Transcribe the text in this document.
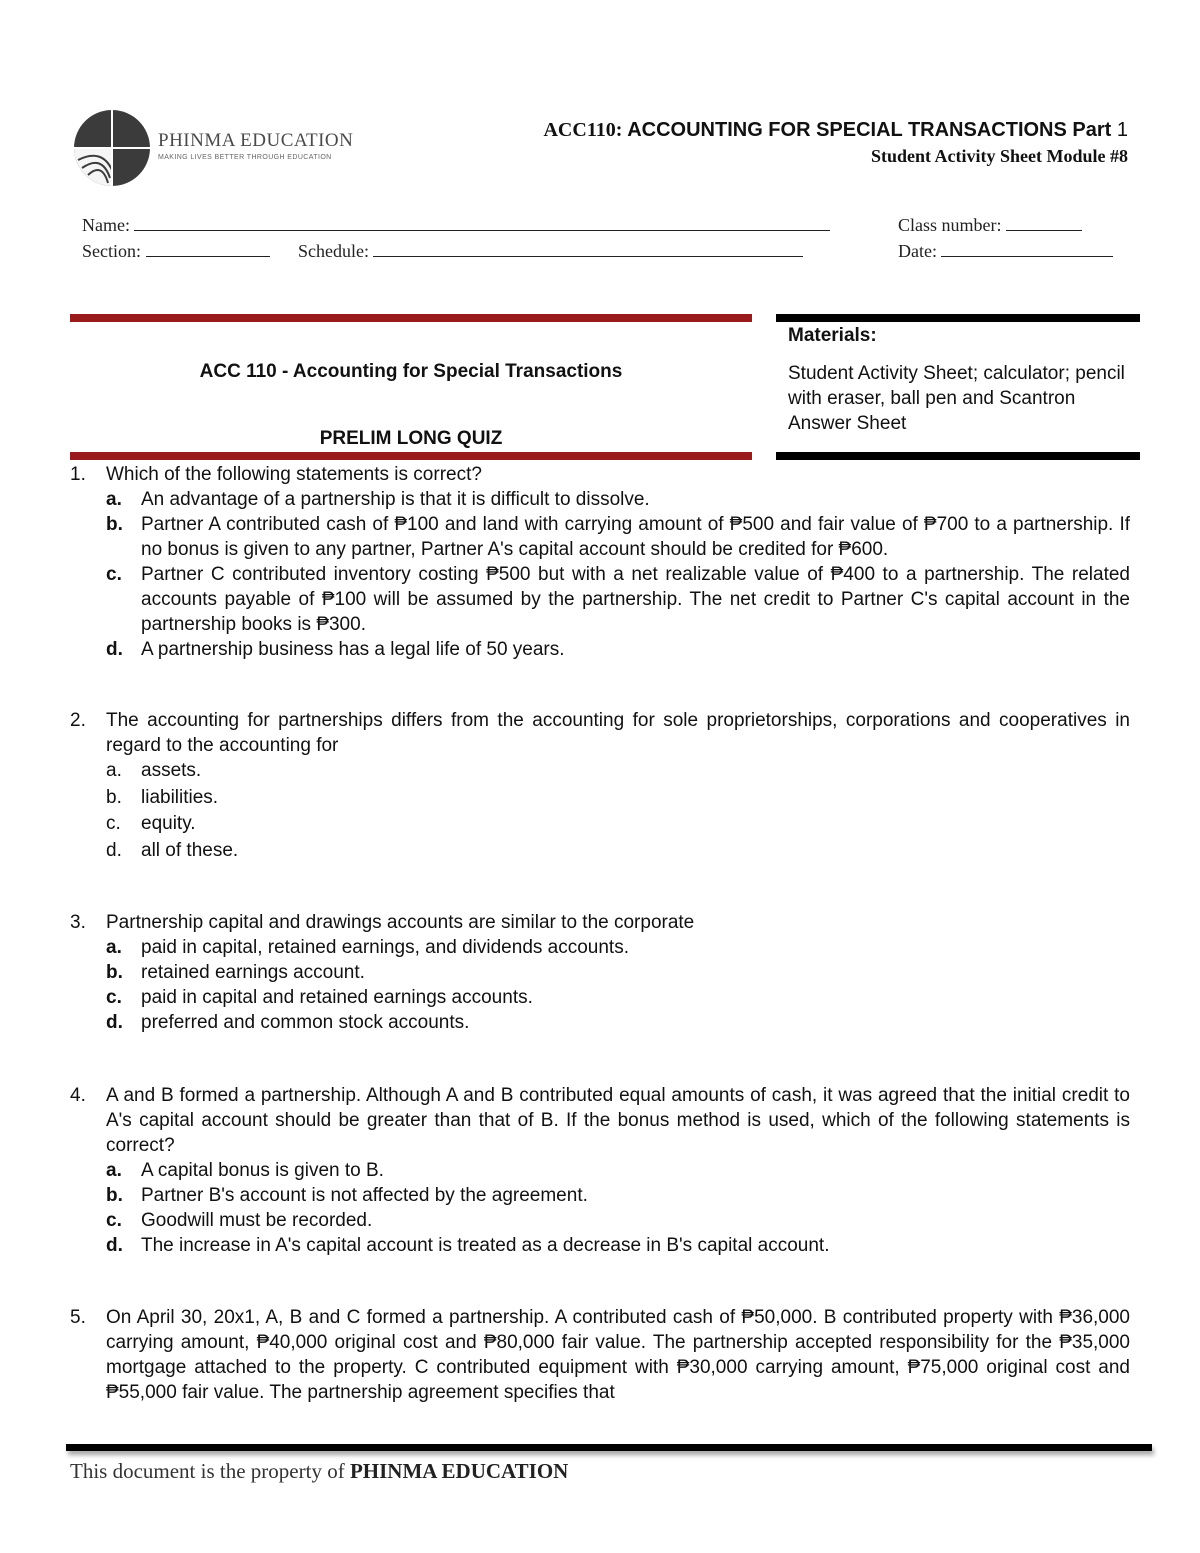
PHINMA EDUCATION
MAKING LIVES BETTER THROUGH EDUCATION
ACC110: ACCOUNTING FOR SPECIAL TRANSACTIONS Part 1
Student Activity Sheet Module #8
Name:	Class number:
Section:	Schedule:	Date:
ACC 110 - Accounting for Special Transactions
PRELIM LONG QUIZ
Materials:
Student Activity Sheet; calculator; pencil with eraser, ball pen and Scantron Answer Sheet
1. Which of the following statements is correct?
a. An advantage of a partnership is that it is difficult to dissolve.
b. Partner A contributed cash of ₱100 and land with carrying amount of ₱500 and fair value of ₱700 to a partnership. If no bonus is given to any partner, Partner A's capital account should be credited for ₱600.
c. Partner C contributed inventory costing ₱500 but with a net realizable value of ₱400 to a partnership. The related accounts payable of ₱100 will be assumed by the partnership. The net credit to Partner C's capital account in the partnership books is ₱300.
d. A partnership business has a legal life of 50 years.
2. The accounting for partnerships differs from the accounting for sole proprietorships, corporations and cooperatives in regard to the accounting for
a. assets.
b. liabilities.
c. equity.
d. all of these.
3. Partnership capital and drawings accounts are similar to the corporate
a. paid in capital, retained earnings, and dividends accounts.
b. retained earnings account.
c. paid in capital and retained earnings accounts.
d. preferred and common stock accounts.
4. A and B formed a partnership. Although A and B contributed equal amounts of cash, it was agreed that the initial credit to A's capital account should be greater than that of B. If the bonus method is used, which of the following statements is correct?
a. A capital bonus is given to B.
b. Partner B's account is not affected by the agreement.
c. Goodwill must be recorded.
d. The increase in A's capital account is treated as a decrease in B's capital account.
5. On April 30, 20x1, A, B and C formed a partnership. A contributed cash of ₱50,000. B contributed property with ₱36,000 carrying amount, ₱40,000 original cost and ₱80,000 fair value. The partnership accepted responsibility for the ₱35,000 mortgage attached to the property. C contributed equipment with ₱30,000 carrying amount, ₱75,000 original cost and ₱55,000 fair value. The partnership agreement specifies that
This document is the property of PHINMA EDUCATION
